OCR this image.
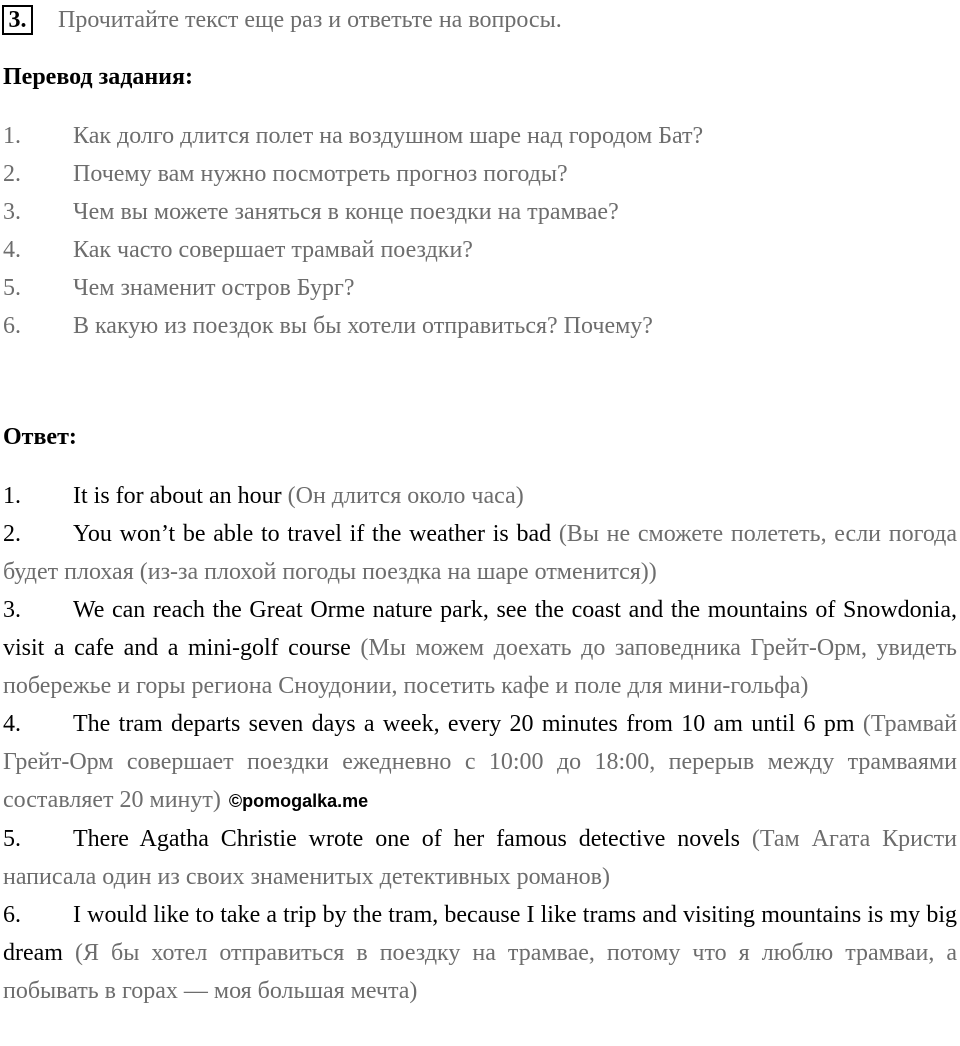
3. Прочитайте текст еще раз и ответьте на вопросы.
Перевод задания:
1.	Как долго длится полет на воздушном шаре над городом Бат?
2.	Почему вам нужно посмотреть прогноз погоды?
3.	Чем вы можете заняться в конце поездки на трамвае?
4.	Как часто совершает трамвай поездки?
5.	Чем знаменит остров Бург?
6.	В какую из поездок вы бы хотели отправиться? Почему?
Ответ:

1. It is for about an hour (Он длится около часа)

2. You won’t be able to travel if the weather is bad (Вы не сможете полететь, если погода будет плохая (из-за плохой погоды поездка на шаре отменится))

3. We can reach the Great Orme nature park, see the coast and the mountains of Snowdonia, visit a cafe and a mini-golf course (Мы можем доехать до заповедника Грейт-Орм, увидеть побережье и горы региона Сноудонии, посетить кафе и поле для мини-гольфа)

4. The tram departs seven days a week, every 20 minutes from 10 am until 6 pm (Трамвай Грейт-Орм совершает поездки ежедневно с 10:00 до 18:00, перерыв между трамваями составляет 20 минут) ©pomogalka.me

5. There Agatha Christie wrote one of her famous detective novels (Там Агата Кристи написала один из своих знаменитых детективных романов)

6. I would like to take a trip by the tram, because I like trams and visiting mountains is my big dream (Я бы хотел отправиться в поездку на трамвае, потому что я люблю трамваи, а побывать в горах — моя большая мечта)
